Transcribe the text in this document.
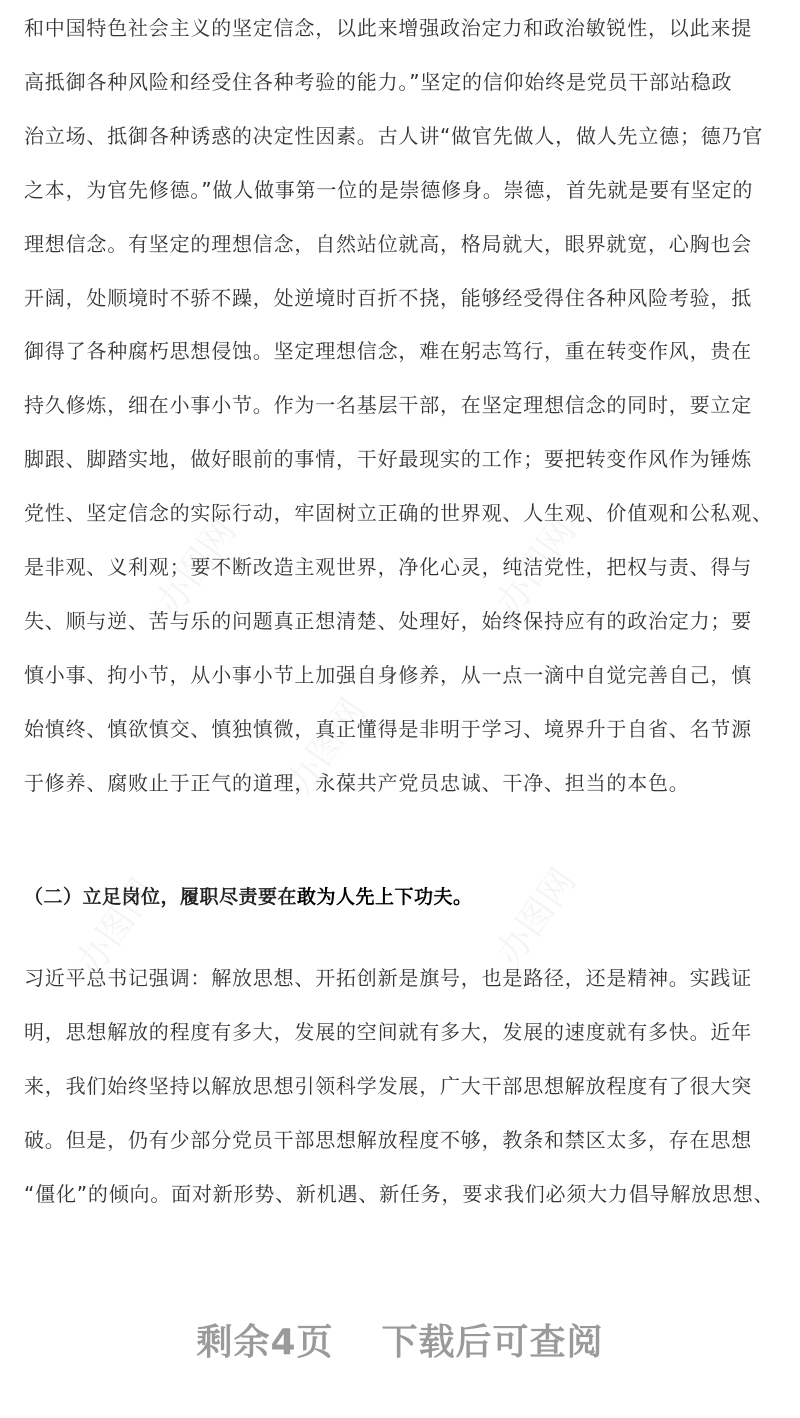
和中国特色社会主义的坚定信念，以此来增强政治定力和政治敏锐性，以此来提
高抵御各种风险和经受住各种考验的能力。”坚定的信仰始终是党员干部站稳政
治立场、抵御各种诱惑的决定性因素。古人讲“做官先做人，做人先立德；德乃官
之本，为官先修德。”做人做事第一位的是崇德修身。崇德，首先就是要有坚定的
理想信念。有坚定的理想信念，自然站位就高，格局就大，眼界就宽，心胸也会
开阔，处顺境时不骄不躁，处逆境时百折不挠，能够经受得住各种风险考验，抵
御得了各种腐朽思想侵蚀。坚定理想信念，难在躬志笃行，重在转变作风，贵在
持久修炼，细在小事小节。作为一名基层干部，在坚定理想信念的同时，要立定
脚跟、脚踏实地，做好眼前的事情，干好最现实的工作；要把转变作风作为锤炼
党性、坚定信念的实际行动，牢固树立正确的世界观、人生观、价值观和公私观、
是非观、义利观；要不断改造主观世界，净化心灵，纯洁党性，把权与责、得与
失、顺与逆、苦与乐的问题真正想清楚、处理好，始终保持应有的政治定力；要
慎小事、拘小节，从小事小节上加强自身修养，从一点一滴中自觉完善自己，慎
始慎终、慎欲慎交、慎独慎微，真正懂得是非明于学习、境界升于自省、名节源
于修养、腐败止于正气的道理，永葆共产党员忠诚、干净、担当的本色。
（二）立足岗位，履职尽责要在敢为人先上下功夫。
习近平总书记强调：解放思想、开拓创新是旗号，也是路径，还是精神。实践证
明，思想解放的程度有多大，发展的空间就有多大，发展的速度就有多快。近年
来，我们始终坚持以解放思想引领科学发展，广大干部思想解放程度有了很大突
破。但是，仍有少部分党员干部思想解放程度不够，教条和禁区太多，存在思想
“僵化”的倾向。面对新形势、新机遇、新任务，要求我们必须大力倡导解放思想、
剩余4页 下载后可查阅
